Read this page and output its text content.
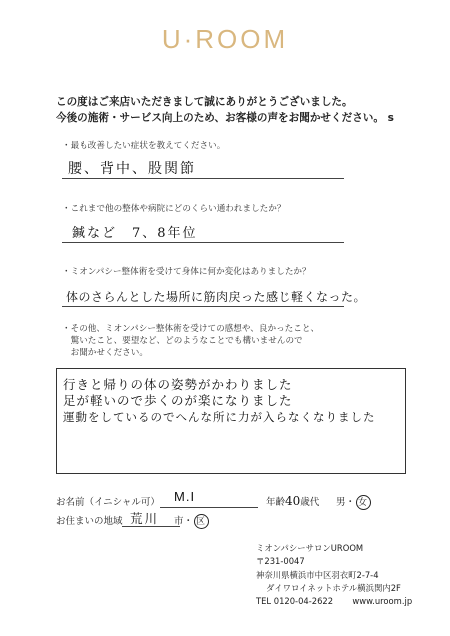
U·ROOM
この度はご来店いただきまして誠にありがとうございました。
今後の施術・サービス向上のため、お客様の声をお聞かせください。 s
・最も改善したい症状を教えてください。
腰、背中、股関節
・これまで他の整体や病院にどのくらい通われましたか？
鍼など　7、8年位
・ミオンパシー整体術を受けて身体に何か変化はありましたか？
体のさらんとした場所に筋肉戻った感じ軽くなった。
・その他、ミオンパシー整体術を受けての感想や、良かったこと、
　驚いたこと、要望など、どのようなことでも構いませんので
　お聞かせください。
行きと帰りの体の姿勢がかわりました
足が軽いので歩くのが楽になりました
運動をしているのでへんな所に力が入らなくなりました
お名前（イニシャル可） M.I	年齢40歳代 男・ 女
お住まいの地域 荒川 市・ 区
ミオンパシーサロンUROOM
〒231-0047
神奈川県横浜市中区羽衣町2-7-4
ダイワロイネットホテル横浜関内2F
TEL 0120-04-2622 www.uroom.jp
